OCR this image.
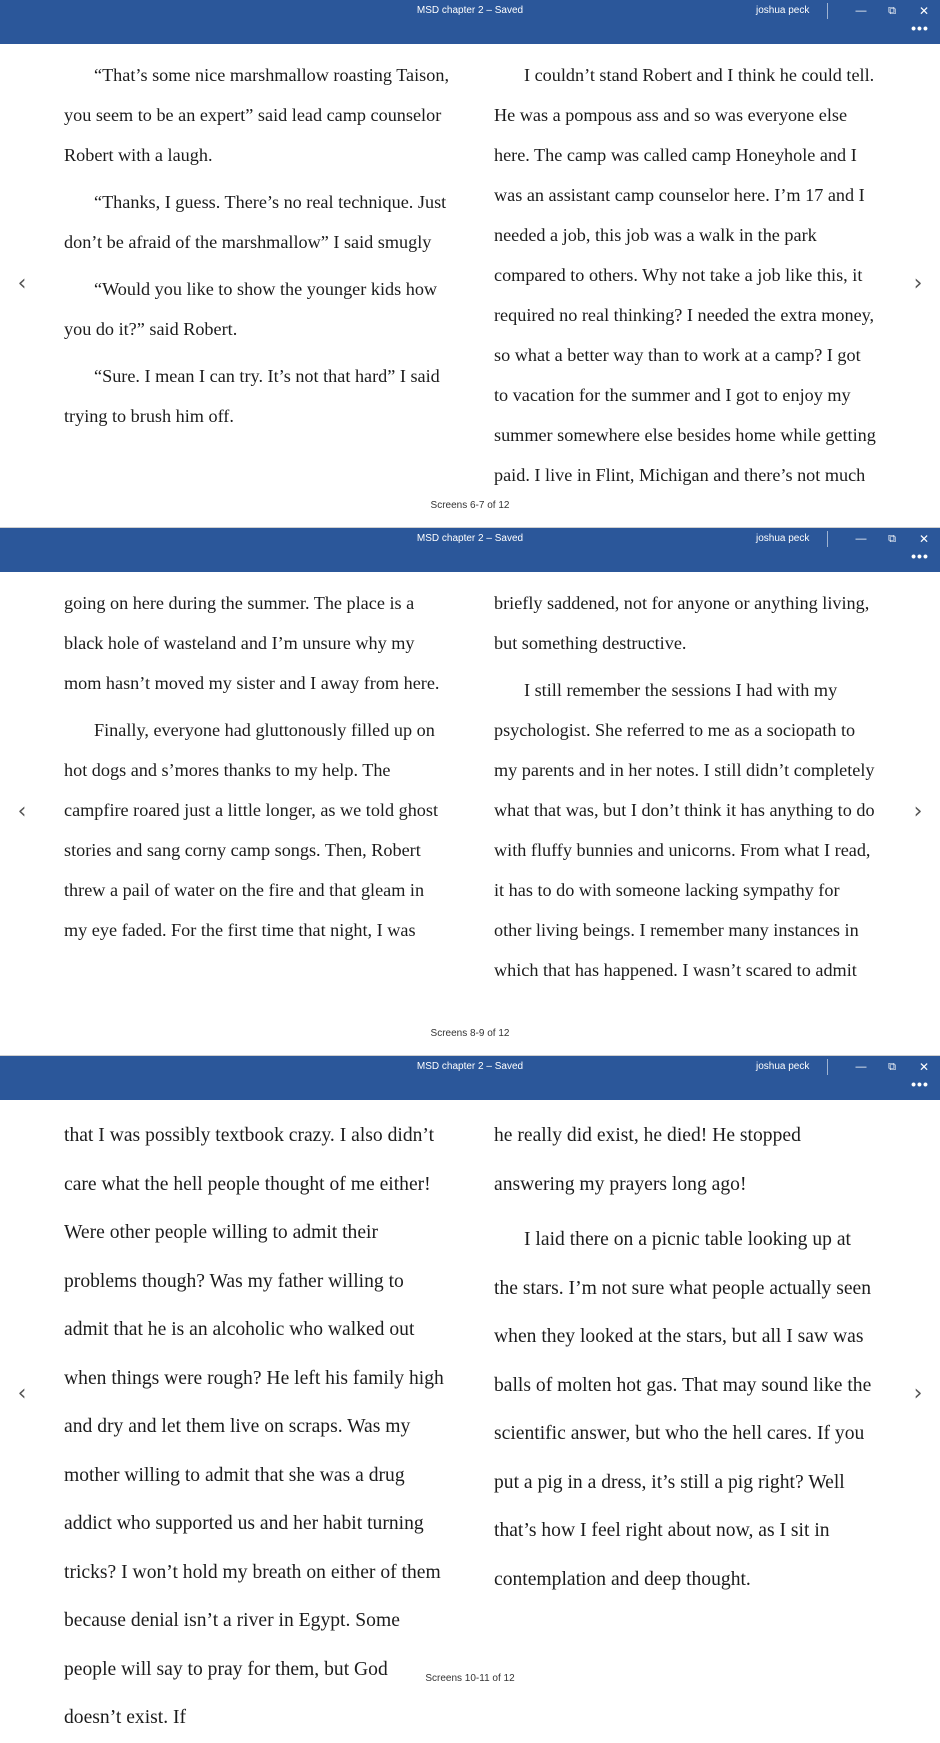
MSD chapter 2 – Saved	joshua peck	—	⧉	✕
•••
‹	›

“That’s some nice marshmallow roasting Taison, you seem to be an expert” said lead camp counselor Robert with a laugh.

“Thanks, I guess. There’s no real technique. Just don’t be afraid of the marshmallow” I said smugly

“Would you like to show the younger kids how you do it?” said Robert.

“Sure. I mean I can try. It’s not that hard” I said trying to brush him off.

I couldn’t stand Robert and I think he could tell. He was a pompous ass and so was everyone else here. The camp was called camp Honeyhole and I was an assistant camp counselor here. I’m 17 and I needed a job, this job was a walk in the park compared to others. Why not take a job like this, it required no real thinking? I needed the extra money, so what a better way than to work at a camp? I got to vacation for the summer and I got to enjoy my summer somewhere else besides home while getting paid. I live in Flint, Michigan and there’s not much

Screens 6-7 of 12
MSD chapter 2 – Saved	joshua peck	—	⧉	✕
•••
‹	›

going on here during the summer. The place is a black hole of wasteland and I’m unsure why my mom hasn’t moved my sister and I away from here.

Finally, everyone had gluttonously filled up on hot dogs and s’mores thanks to my help. The campfire roared just a little longer, as we told ghost stories and sang corny camp songs. Then, Robert threw a pail of water on the fire and that gleam in my eye faded. For the first time that night, I was

briefly saddened, not for anyone or anything living, but something destructive.

I still remember the sessions I had with my psychologist. She referred to me as a sociopath to my parents and in her notes. I still didn’t completely what that was, but I don’t think it has anything to do with fluffy bunnies and unicorns. From what I read, it has to do with someone lacking sympathy for other living beings. I remember many instances in which that has happened. I wasn’t scared to admit

Screens 8-9 of 12
MSD chapter 2 – Saved	joshua peck	—	⧉	✕
•••
‹	›

that I was possibly textbook crazy. I also didn’t care what the hell people thought of me either! Were other people willing to admit their problems though? Was my father willing to admit that he is an alcoholic who walked out when things were rough? He left his family high and dry and let them live on scraps. Was my mother willing to admit that she was a drug addict who supported us and her habit turning tricks? I won’t hold my breath on either of them because denial isn’t a river in Egypt. Some people will say to pray for them, but God doesn’t exist. If

he really did exist, he died! He stopped answering my prayers long ago!

I laid there on a picnic table looking up at the stars. I’m not sure what people actually seen when they looked at the stars, but all I saw was balls of molten hot gas. That may sound like the scientific answer, but who the hell cares. If you put a pig in a dress, it’s still a pig right? Well that’s how I feel right about now, as I sit in contemplation and deep thought.

Screens 10-11 of 12
